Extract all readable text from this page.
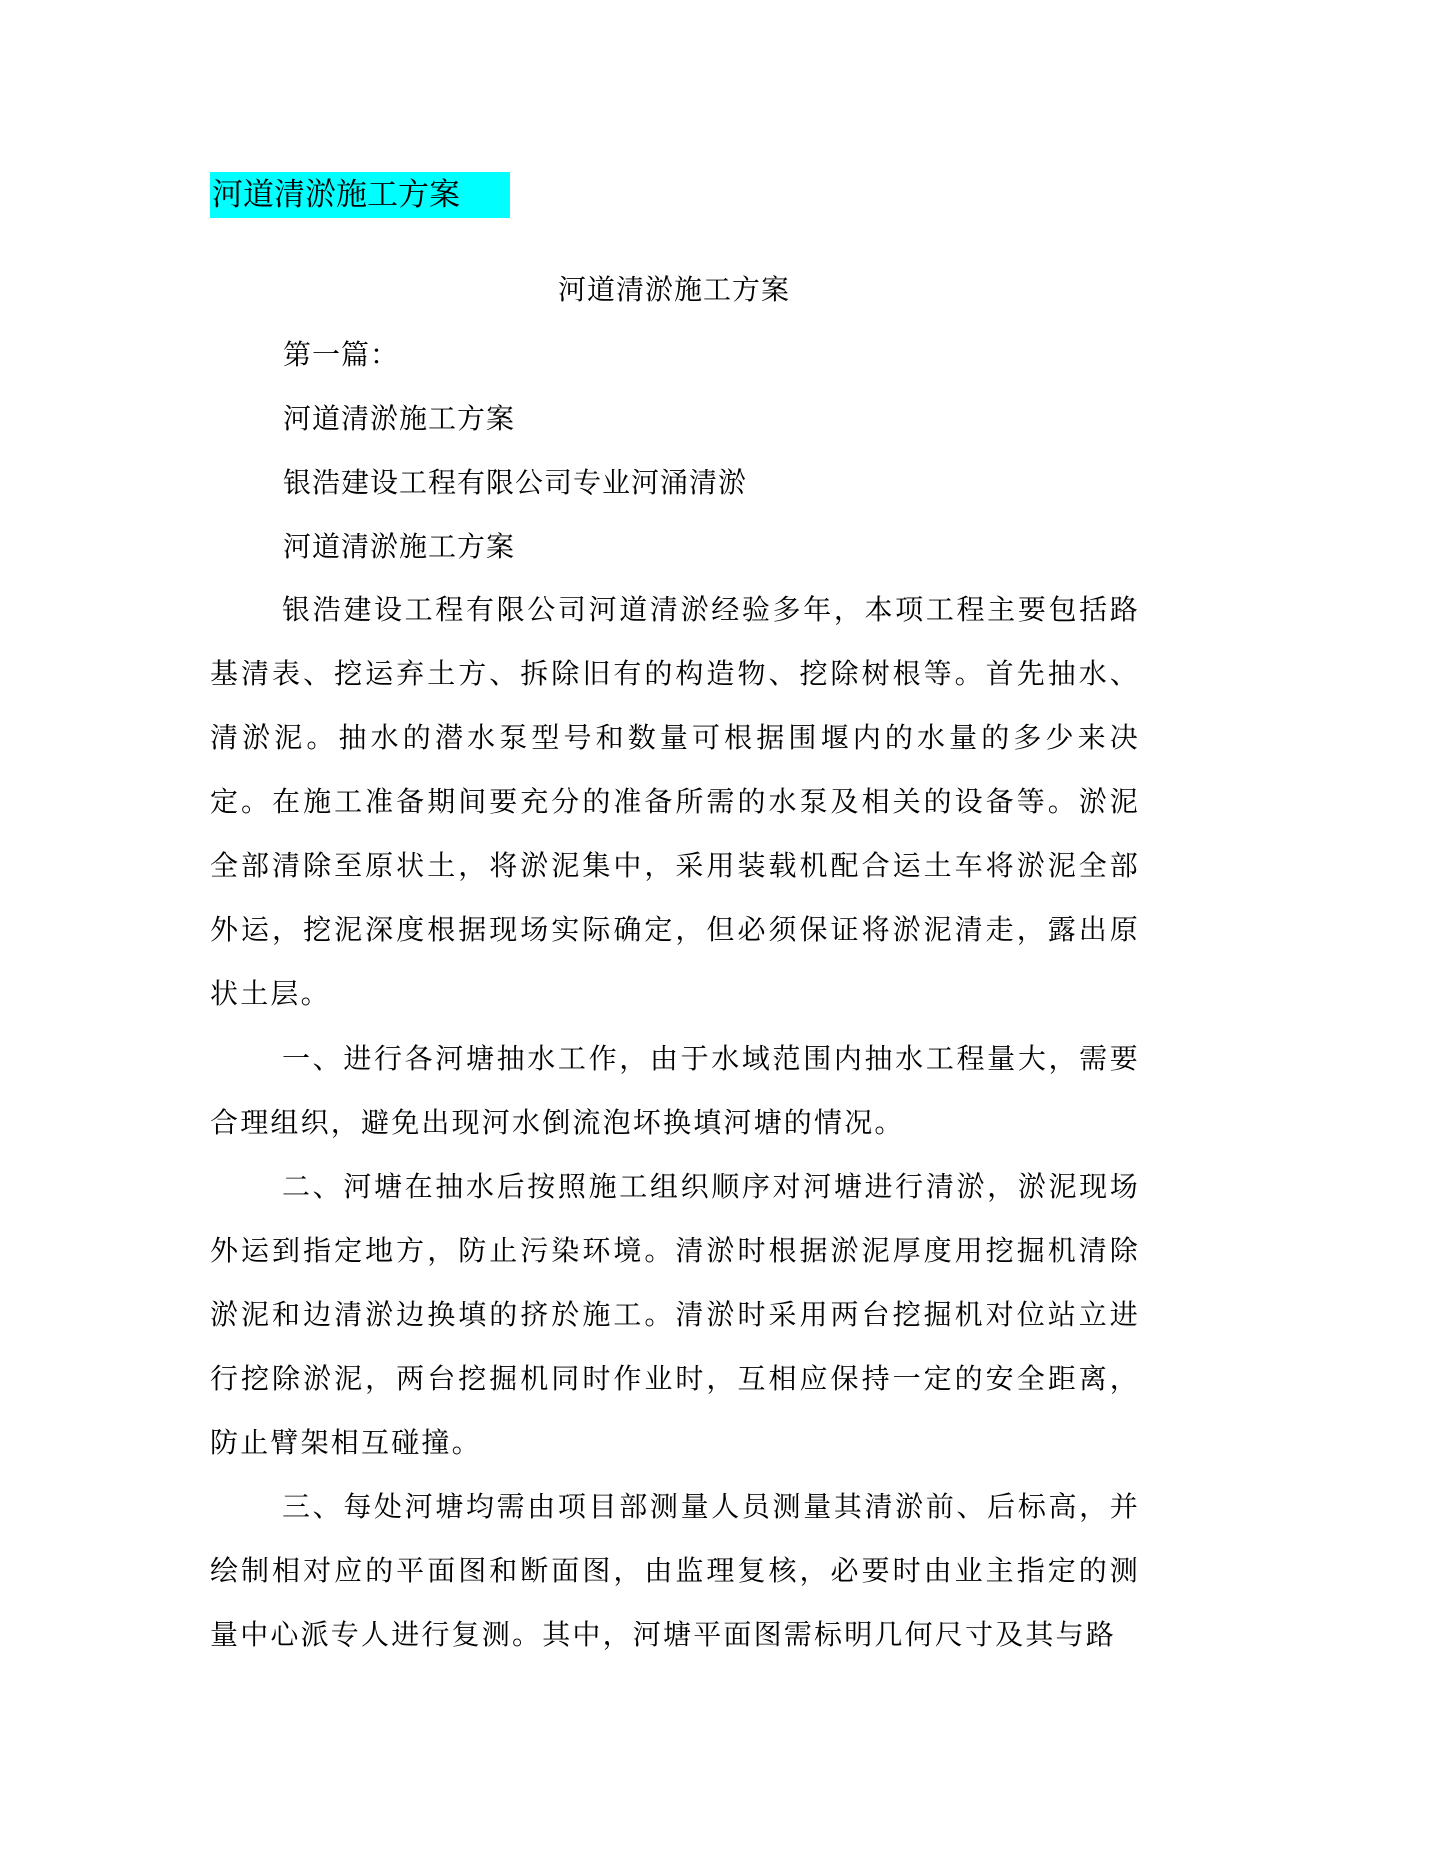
河道清淤施工方案
河道清淤施工方案
第一篇：
河道清淤施工方案
银浩建设工程有限公司专业河涌清淤
河道清淤施工方案

银浩建设工程有限公司河道清淤经验多年，本项工程主要包括路基清表、挖运弃土方、拆除旧有的构造物、挖除树根等。首先抽水、清淤泥。抽水的潜水泵型号和数量可根据围堰内的水量的多少来决定。在施工准备期间要充分的准备所需的水泵及相关的设备等。淤泥全部清除至原状土，将淤泥集中，采用装载机配合运土车将淤泥全部外运，挖泥深度根据现场实际确定，但必须保证将淤泥清走，露出原状土层。

一、进行各河塘抽水工作，由于水域范围内抽水工程量大，需要合理组织，避免出现河水倒流泡坏换填河塘的情况。

二、河塘在抽水后按照施工组织顺序对河塘进行清淤，淤泥现场外运到指定地方，防止污染环境。清淤时根据淤泥厚度用挖掘机清除淤泥和边清淤边换填的挤於施工。清淤时采用两台挖掘机对位站立进行挖除淤泥，两台挖掘机同时作业时，互相应保持一定的安全距离，防止臂架相互碰撞。

三、每处河塘均需由项目部测量人员测量其清淤前、后标高，并绘制相对应的平面图和断面图，由监理复核，必要时由业主指定的测量中心派专人进行复测。其中，河塘平面图需标明几何尺寸及其与路
